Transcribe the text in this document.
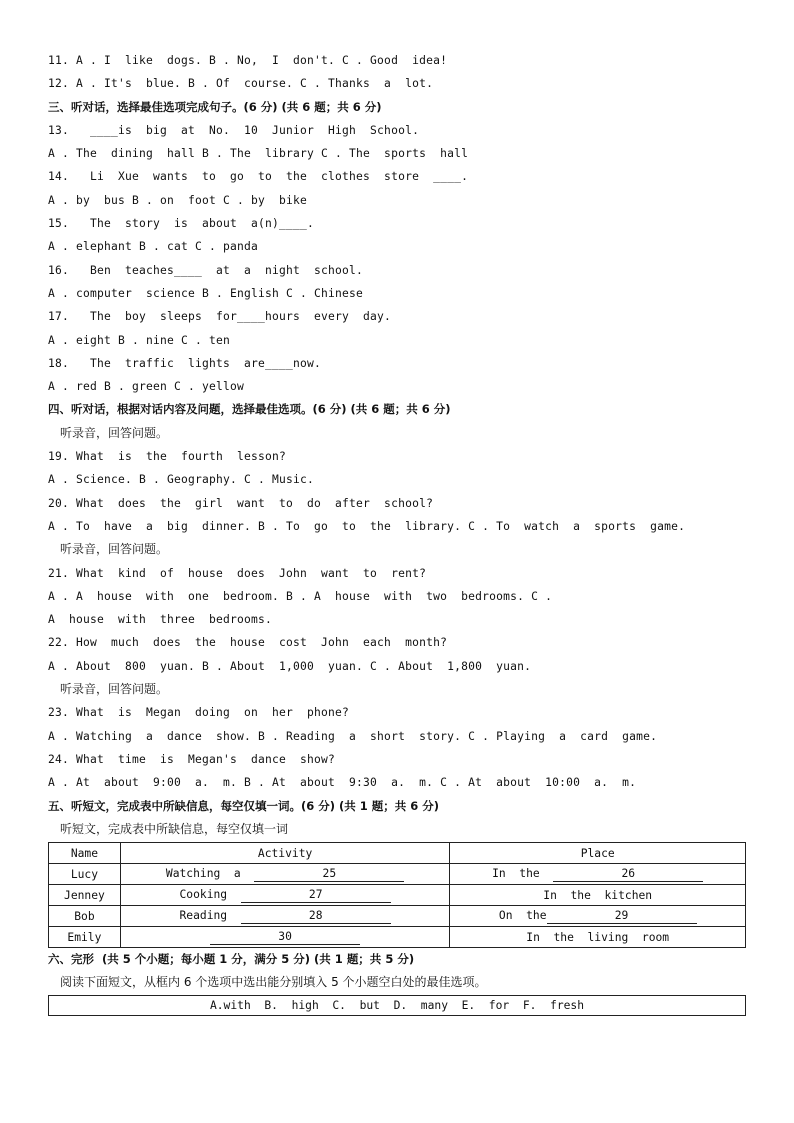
11. A . I  like  dogs. B . No,  I  don't. C . Good  idea!
12. A . It's  blue. B . Of  course. C . Thanks  a  lot.
三、听对话，选择最佳选项完成句子。(6 分) (共 6 题；共 6 分)
13.   ____is  big  at  No.  10  Junior  High  School.
A . The  dining  hall B . The  library C . The  sports  hall
14.   Li  Xue  wants  to  go  to  the  clothes  store  ____.
A . by  bus B . on  foot C . by  bike
15.   The  story  is  about  a(n)____.
A . elephant B . cat C . panda
16.   Ben  teaches____  at  a  night  school.
A . computer  science B . English C . Chinese
17.   The  boy  sleeps  for____hours  every  day.
A . eight B . nine C . ten
18.   The  traffic  lights  are____now.
A . red B . green C . yellow
四、听对话，根据对话内容及问题，选择最佳选项。(6 分) (共 6 题；共 6 分)
听录音，回答问题。
19. What  is  the  fourth  lesson?
A . Science. B . Geography. C . Music.
20. What  does  the  girl  want  to  do  after  school?
A . To  have  a  big  dinner. B . To  go  to  the  library. C . To  watch  a  sports  game.
听录音，回答问题。
21. What  kind  of  house  does  John  want  to  rent?
A . A  house  with  one  bedroom. B . A  house  with  two  bedrooms. C .
A  house  with  three  bedrooms.
22. How  much  does  the  house  cost  John  each  month?
A . About  800  yuan. B . About  1,000  yuan. C . About  1,800  yuan.
听录音，回答问题。
23. What  is  Megan  doing  on  her  phone?
A . Watching  a  dance  show. B . Reading  a  short  story. C . Playing  a  card  game.
24. What  time  is  Megan's  dance  show?
A . At  about  9:00  a.  m. B . At  about  9:30  a.  m. C . At  about  10:00  a.  m.
五、听短文，完成表中所缺信息，每空仅填一词。(6 分) (共 1 题；共 6 分)
听短文，完成表中所缺信息，每空仅填一词
Name	Activity	Place
Lucy	Watching  a 25	In  the 26
Jenney	Cooking 27	In  the  kitchen
Bob	Reading 28	On  the 29
Emily	30	In  the  living  room
六、完形  (共 5 个小题；每小题 1 分，满分 5 分) (共 1 题；共 5 分)
阅读下面短文，从框内 6 个选项中选出能分别填入 5 个小题空白处的最佳选项。
A.with  B.  high  C.  but  D.  many  E.  for  F.  fresh
